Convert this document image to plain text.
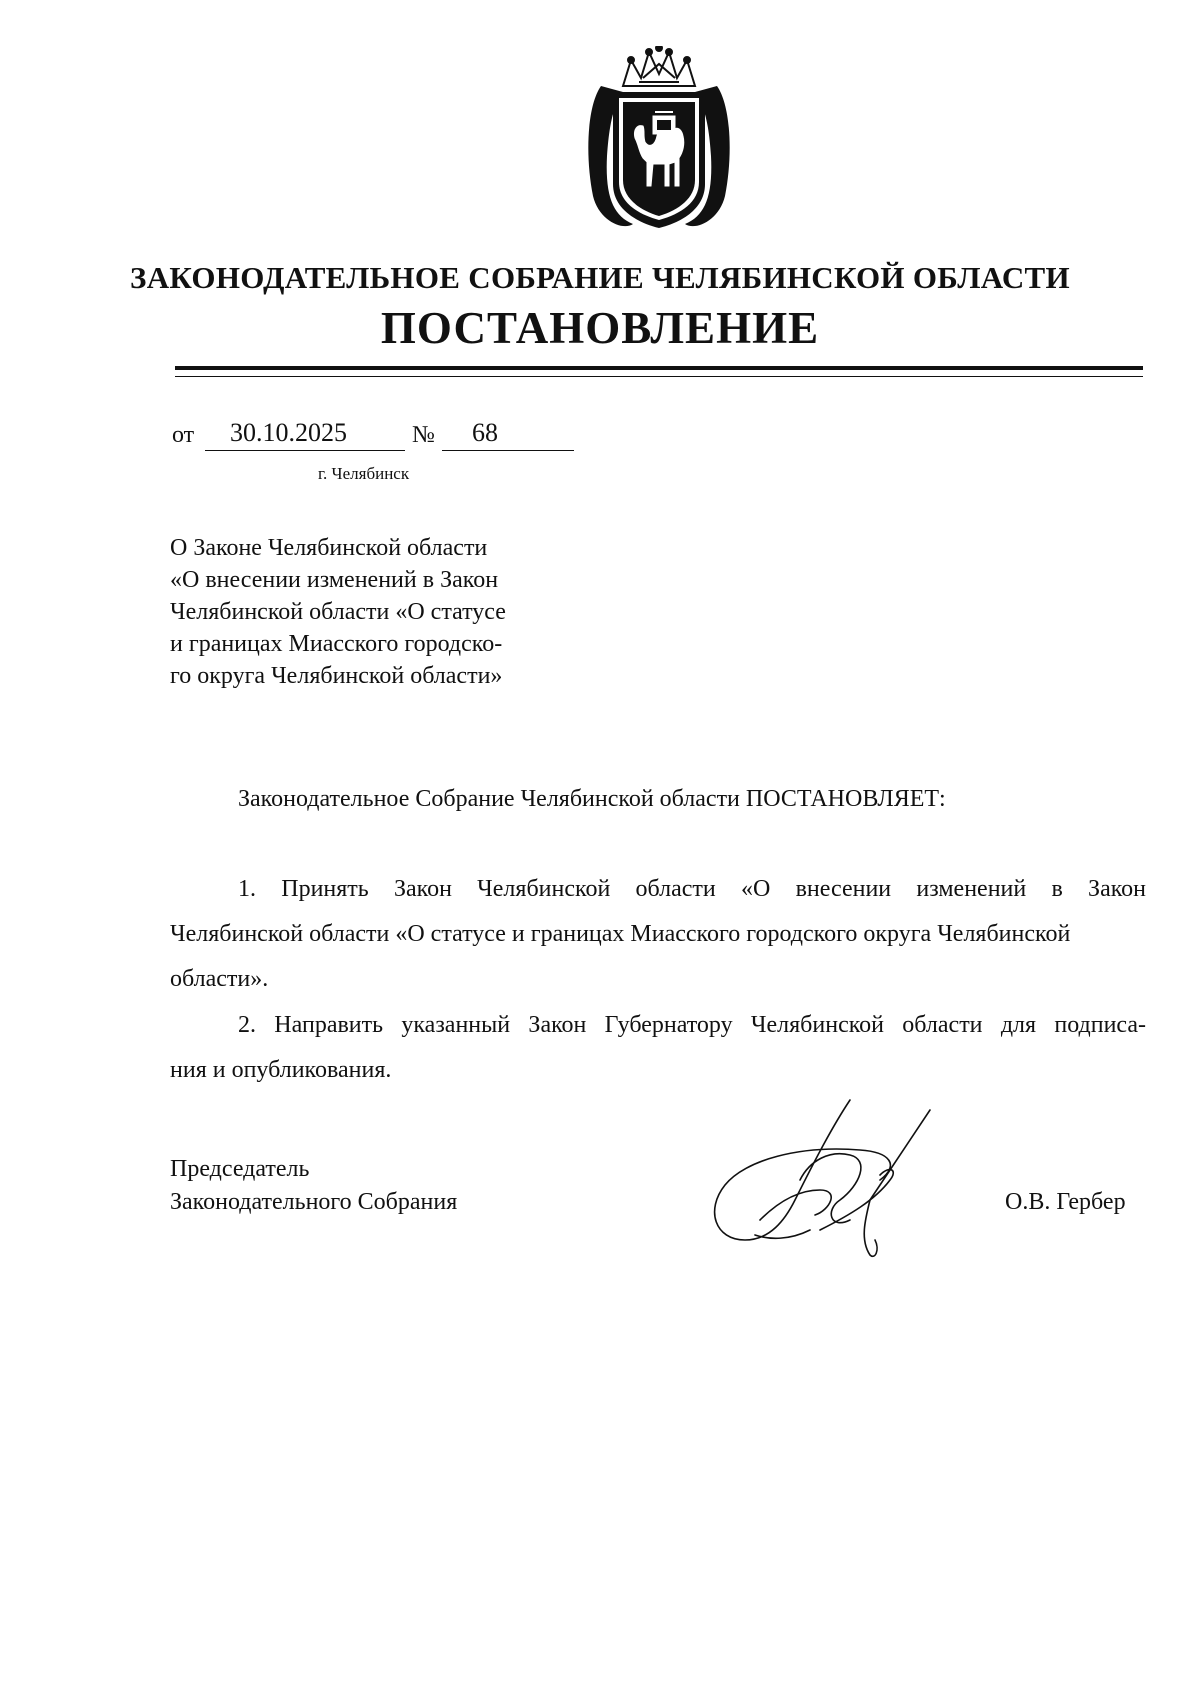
ЗАКОНОДАТЕЛЬНОЕ СОБРАНИЕ ЧЕЛЯБИНСКОЙ ОБЛАСТИ
ПОСТАНОВЛЕНИЕ
от 30.10.2025	№ 68
г. Челябинск
О Законе Челябинской области
«О внесении изменений в Закон
Челябинской области «О статусе
и границах Миасского городско-
го округа Челябинской области»
Законодательное Собрание Челябинской области ПОСТАНОВЛЯЕТ:
1. Принять Закон Челябинской области «О внесении изменений в Закон
Челябинской области «О статусе и границах Миасского городского округа Челябинской
области».
2. Направить указанный Закон Губернатору Челябинской области для подписа-
ния и опубликования.
Председатель
Законодательного Собрания	О.В. Гербер
